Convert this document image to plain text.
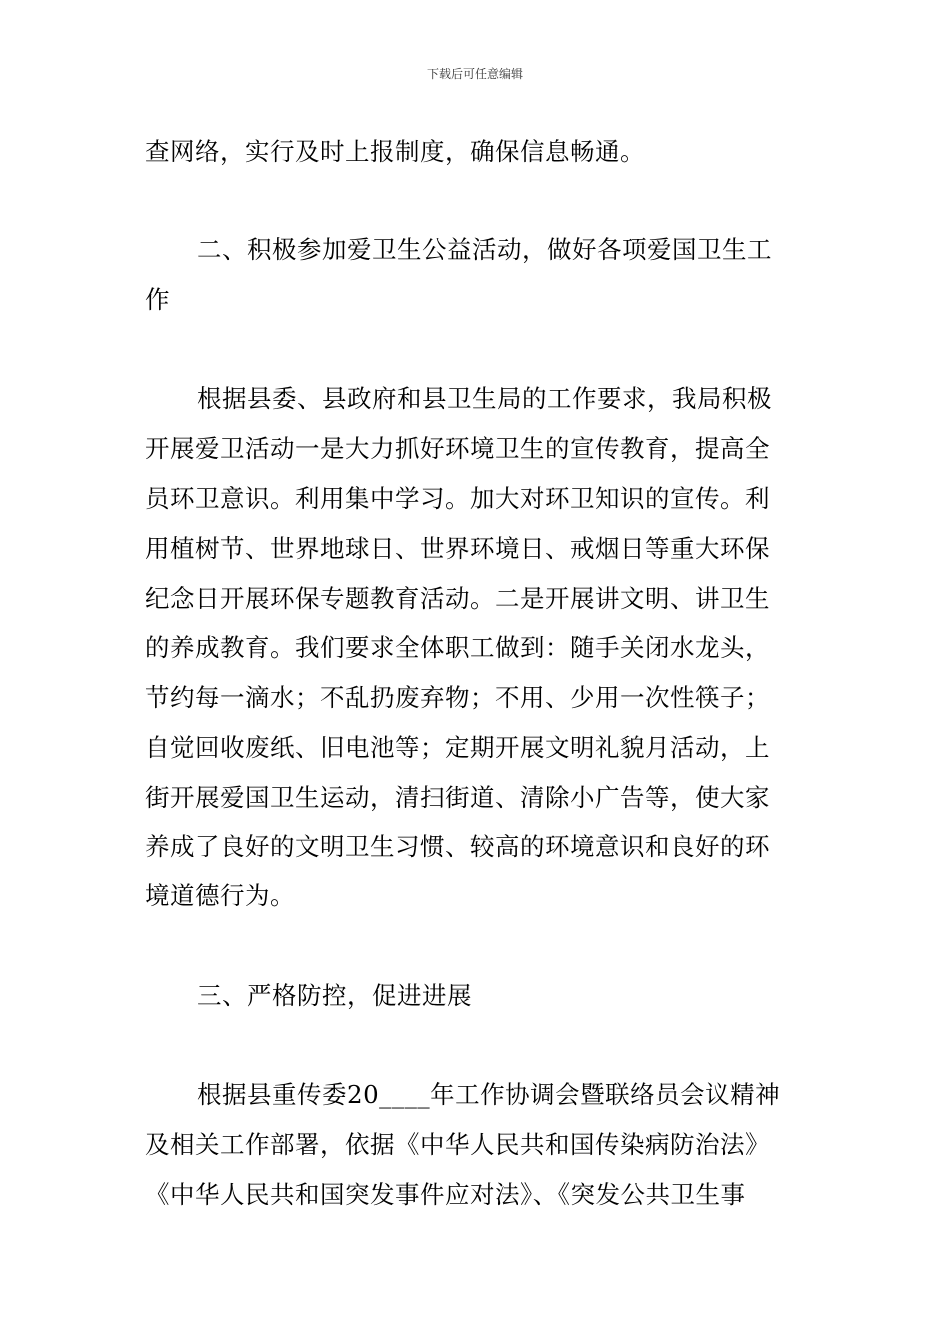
下载后可任意编辑
查网络，实行及时上报制度，确保信息畅通。
二、积极参加爱卫生公益活动，做好各项爱国卫生工
作
根据县委、县政府和县卫生局的工作要求，我局积极
开展爱卫活动一是大力抓好环境卫生的宣传教育，提高全
员环卫意识。利用集中学习。加大对环卫知识的宣传。利
用植树节、世界地球日、世界环境日、戒烟日等重大环保
纪念日开展环保专题教育活动。二是开展讲文明、讲卫生
的养成教育。我们要求全体职工做到：随手关闭水龙头，
节约每一滴水；不乱扔废弃物；不用、少用一次性筷子；
自觉回收废纸、旧电池等；定期开展文明礼貌月活动，上
街开展爱国卫生运动，清扫街道、清除小广告等，使大家
养成了良好的文明卫生习惯、较高的环境意识和良好的环
境道德行为。
三、严格防控，促进进展
根据县重传委20____年工作协调会暨联络员会议精神
及相关工作部署，依据《中华人民共和国传染病防治法》
《中华人民共和国突发事件应对法》、《突发公共卫生事
